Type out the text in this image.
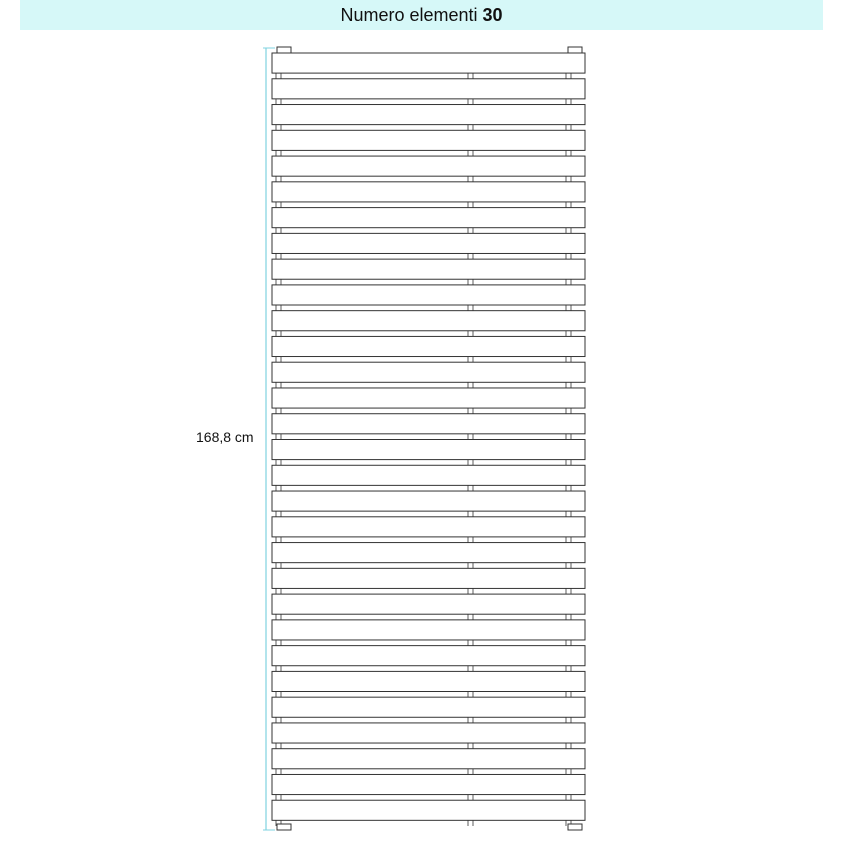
Numero elementi 30
168,8 cm
